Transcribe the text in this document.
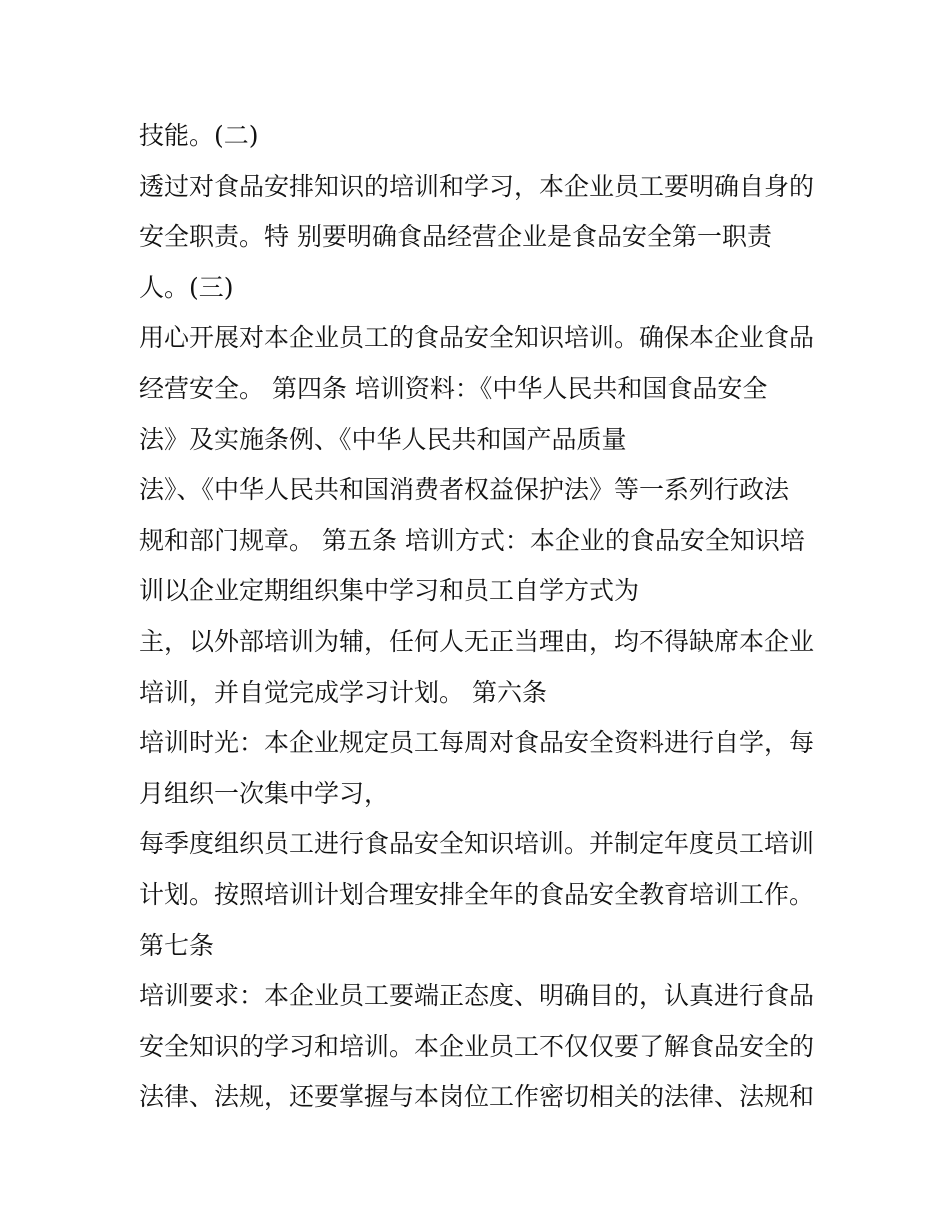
技能。(二)
透过对食品安排知识的培训和学习，本企业员工要明确自身的
安全职责。特 别要明确食品经营企业是食品安全第一职责
人。(三)
用心开展对本企业员工的食品安全知识培训。确保本企业食品
经营安全。 第四条 培训资料：《中华人民共和国食品安全
法》及实施条例、《中华人民共和国产品质量
法》、《中华人民共和国消费者权益保护法》等一系列行政法
规和部门规章。 第五条 培训方式：本企业的食品安全知识培
训以企业定期组织集中学习和员工自学方式为
主，以外部培训为辅，任何人无正当理由，均不得缺席本企业
培训，并自觉完成学习计划。 第六条
培训时光：本企业规定员工每周对食品安全资料进行自学，每
月组织一次集中学习，
每季度组织员工进行食品安全知识培训。并制定年度员工培训
计划。按照培训计划合理安排全年的食品安全教育培训工作。
第七条
培训要求：本企业员工要端正态度、明确目的，认真进行食品
安全知识的学习和培训。本企业员工不仅仅要了解食品安全的
法律、法规，还要掌握与本岗位工作密切相关的法律、法规和
